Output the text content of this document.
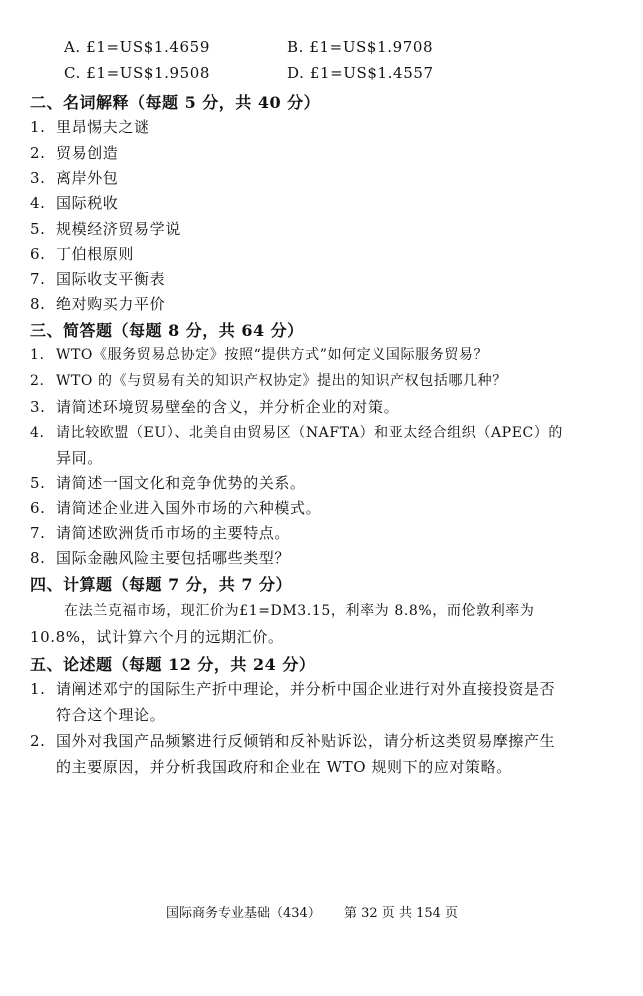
A. £1=US$1.4659	B. £1=US$1.9708
C. £1=US$1.9508	D. £1=US$1.4557
二、名词解释（每题 5 分，共 40 分）
1. 里昂惕夫之谜
2. 贸易创造
3. 离岸外包
4. 国际税收
5. 规模经济贸易学说
6. 丁伯根原则
7. 国际收支平衡表
8. 绝对购买力平价
三、简答题（每题 8 分，共 64 分）
1. WTO《服务贸易总协定》按照“提供方式”如何定义国际服务贸易？
2. WTO 的《与贸易有关的知识产权协定》提出的知识产权包括哪几种？
3. 请简述环境贸易壁垒的含义，并分析企业的对策。
4. 请比较欧盟（EU）、北美自由贸易区（NAFTA）和亚太经合组织（APEC）的
异同。
5. 请简述一国文化和竞争优势的关系。
6. 请简述企业进入国外市场的六种模式。
7. 请简述欧洲货币市场的主要特点。
8. 国际金融风险主要包括哪些类型？
四、计算题（每题 7 分，共 7 分）
在法兰克福市场，现汇价为£1=DM3.15，利率为 8.8%，而伦敦利率为
10.8%，试计算六个月的远期汇价。
五、论述题（每题 12 分，共 24 分）
1. 请阐述邓宁的国际生产折中理论，并分析中国企业进行对外直接投资是否
符合这个理论。
2. 国外对我国产品频繁进行反倾销和反补贴诉讼，请分析这类贸易摩擦产生
的主要原因，并分析我国政府和企业在 WTO 规则下的应对策略。
国际商务专业基础（434） 第 32 页 共 154 页
